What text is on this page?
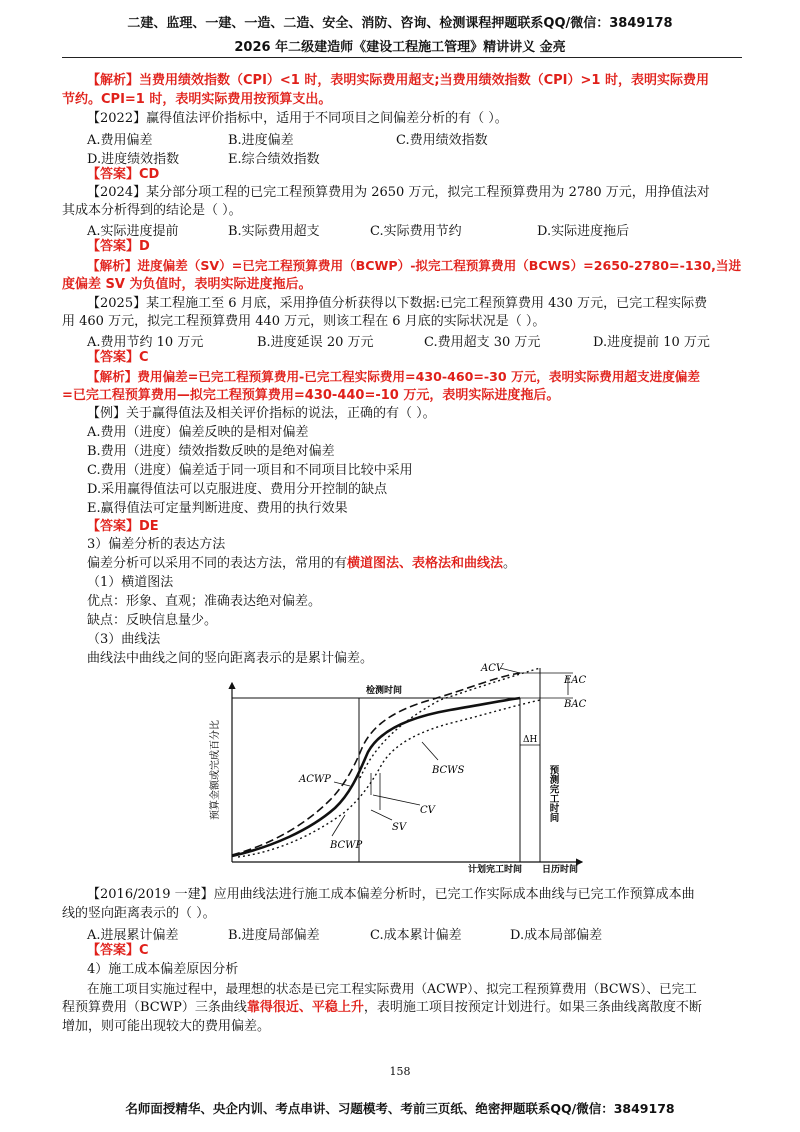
二建、监理、一建、一造、二造、安全、消防、咨询、检测课程押题联系QQ/微信：3849178
2026 年二级建造师《建设工程施工管理》精讲讲义 金亮
【解析】当费用绩效指数（CPI）<1 时，表明实际费用超支;当费用绩效指数（CPI）>1 时，表明实际费用
节约。CPI=1 时，表明实际费用按预算支出。
【2022】赢得值法评价指标中，适用于不同项目之间偏差分析的有（ ）。
A.费用偏差	B.进度偏差	C.费用绩效指数
D.进度绩效指数	E.综合绩效指数
【答案】CD
【2024】某分部分项工程的已完工程预算费用为 2650 万元，拟完工程预算费用为 2780 万元，用挣值法对
其成本分析得到的结论是（ ）。
A.实际进度提前	B.实际费用超支	C.实际费用节约	D.实际进度拖后
【答案】D
【解析】进度偏差（SV）=已完工程预算费用（BCWP）-拟完工程预算费用（BCWS）=2650-2780=-130,当进
度偏差 SV 为负值时，表明实际进度拖后。
【2025】某工程施工至 6 月底，采用挣值分析获得以下数据:已完工程预算费用 430 万元，已完工程实际费
用 460 万元，拟完工程预算费用 440 万元，则该工程在 6 月底的实际状况是（ ）。
A.费用节约 10 万元	B.进度延误 20 万元	C.费用超支 30 万元	D.进度提前 10 万元
【答案】C
【解析】费用偏差=已完工程预算费用-已完工程实际费用=430-460=-30 万元，表明实际费用超支进度偏差
=已完工程预算费用—拟完工程预算费用=430-440=-10 万元，表明实际进度拖后。
【例】关于赢得值法及相关评价指标的说法，正确的有（ ）。
A.费用（进度）偏差反映的是相对偏差
B.费用（进度）绩效指数反映的是绝对偏差
C.费用（进度）偏差适于同一项目和不同项目比较中采用
D.采用赢得值法可以克服进度、费用分开控制的缺点
E.赢得值法可定量判断进度、费用的执行效果
【答案】DE
3）偏差分析的表达方法
偏差分析可以采用不同的表达方法，常用的有横道图法、表格法和曲线法。
（1）横道图法
优点：形象、直观；准确表达绝对偏差。
缺点：反映信息量少。
（3）曲线法
曲线法中曲线之间的竖向距离表示的是累计偏差。
预算金额或完成百分比
检测时间
ACV
EAC
BAC
ΔH
ACWP
BCWS
BCWP
CV
SV
预测完工时间
计划完工时间 日历时间
【2016/2019 一建】应用曲线法进行施工成本偏差分析时，已完工作实际成本曲线与已完工作预算成本曲
线的竖向距离表示的（ ）。
A.进展累计偏差	B.进度局部偏差	C.成本累计偏差	D.成本局部偏差
【答案】C
4）施工成本偏差原因分析
在施工项目实施过程中，最理想的状态是已完工程实际费用（ACWP）、拟完工程预算费用（BCWS）、已完工
程预算费用（BCWP）三条曲线靠得很近、平稳上升，表明施工项目按预定计划进行。如果三条曲线离散度不断
增加，则可能出现较大的费用偏差。
158
名师面授精华、央企内训、考点串讲、习题模考、考前三页纸、绝密押题联系QQ/微信：3849178
